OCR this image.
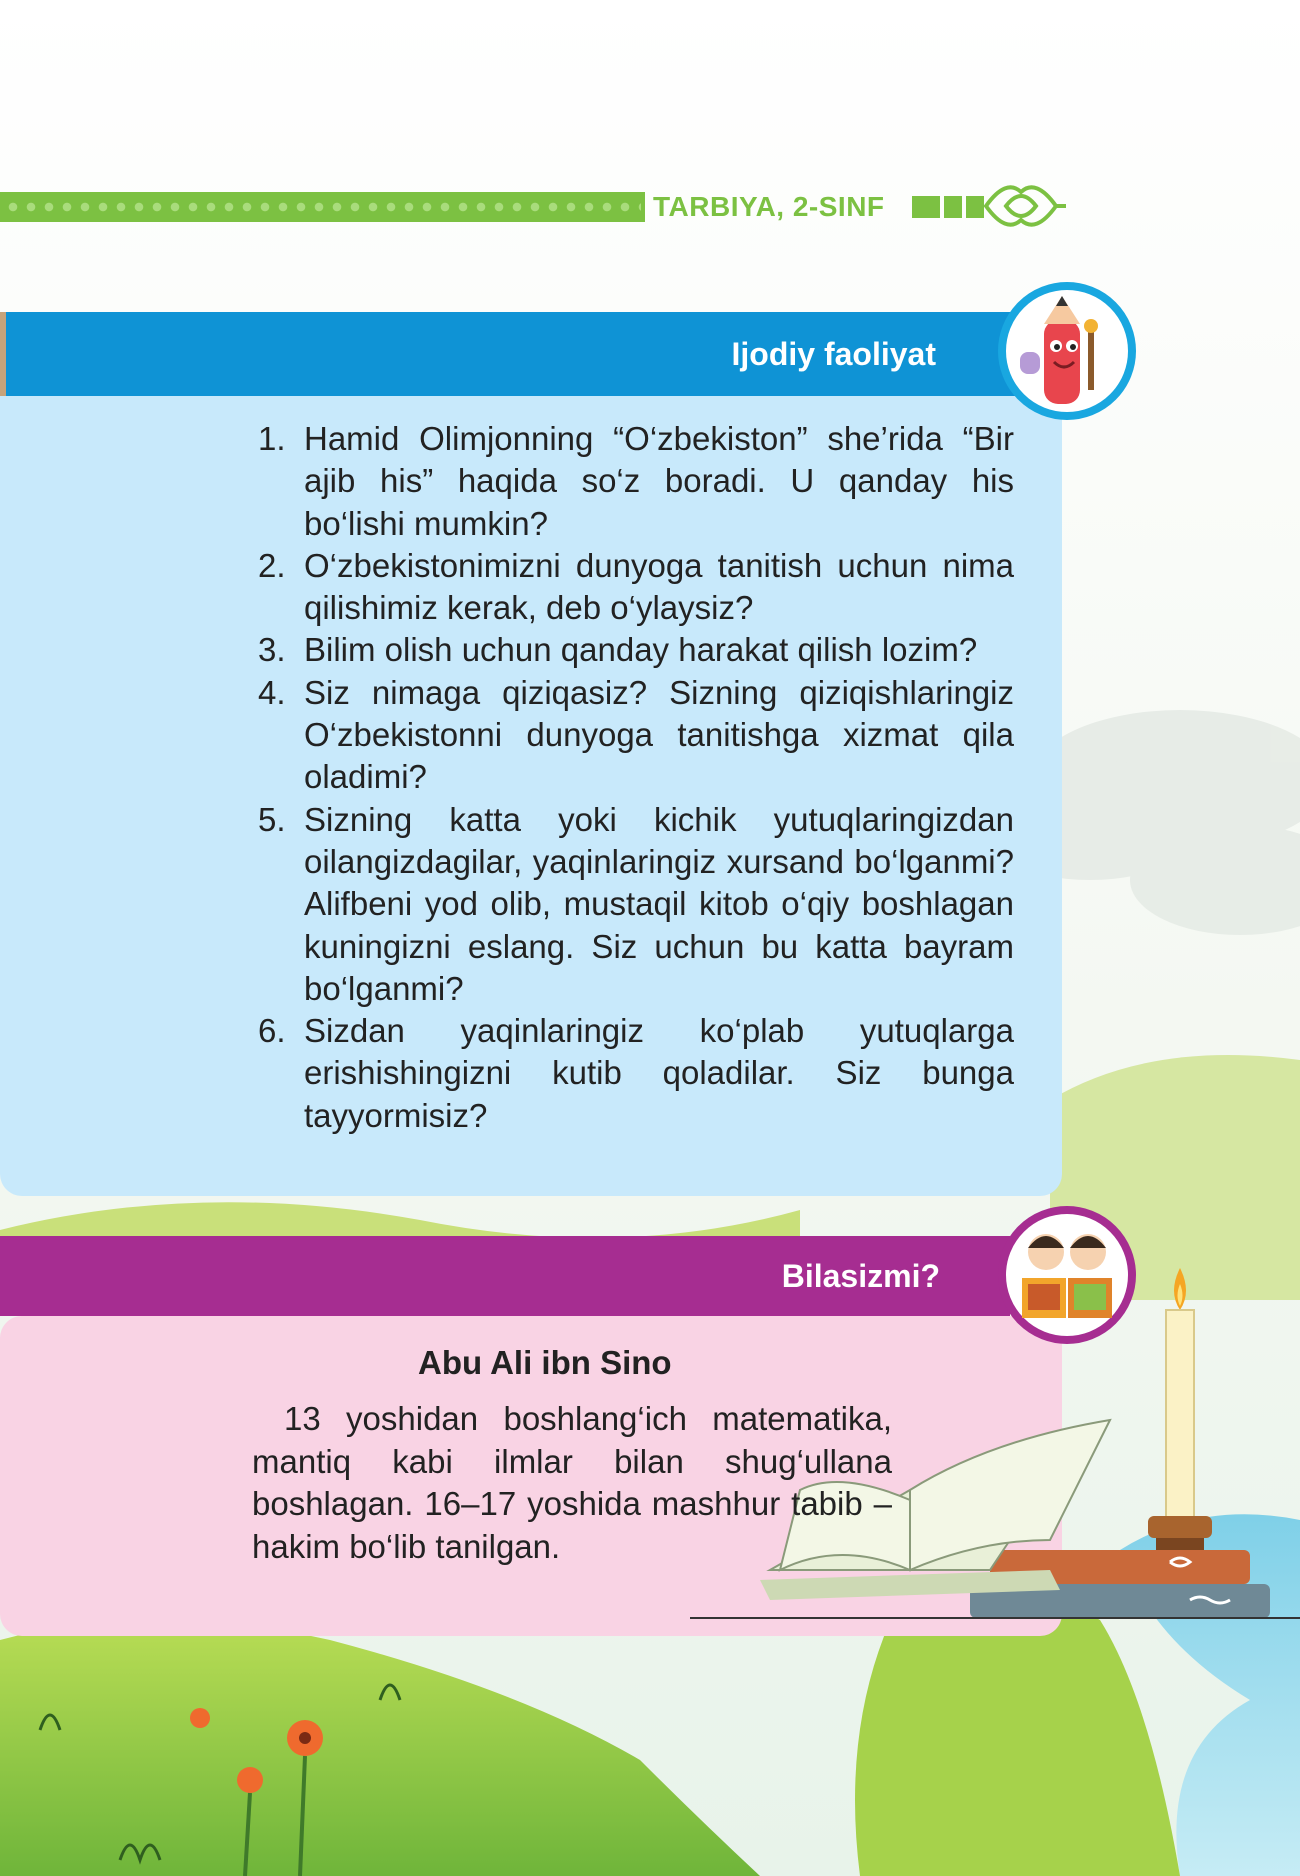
TARBIYA, 2-SINF
Ijodiy faoliyat
1. Hamid Olimjonning “O‘zbekiston” she’rida “Bir ajib his” haqida so‘z boradi. U qanday his bo‘lishi mumkin?
2. O‘zbekistonimizni dunyoga tanitish uchun nima qilishimiz kerak, deb o‘ylaysiz?
3. Bilim olish uchun qanday harakat qilish lozim?
4. Siz nimaga qiziqasiz? Sizning qiziqishlaringiz O‘zbekistonni dunyoga tanitishga xizmat qila oladimi?
5. Sizning katta yoki kichik yutuqlaringizdan oilangizdagilar, yaqinlaringiz xursand bo‘lganmi? Alifbeni yod olib, mustaqil kitob o‘qiy boshlagan kuningizni eslang. Siz uchun bu katta bayram bo‘lganmi?
6. Sizdan yaqinlaringiz ko‘plab yutuqlarga erishishingizni kutib qoladilar. Siz bunga tayyormisiz?
Bilasizmi?
Abu Ali ibn Sino

13 yoshidan boshlang‘ich matematika, mantiq kabi ilmlar bilan shug‘ullana boshlagan. 16–17 yoshida mashhur tabib – hakim bo‘lib tanilgan.
